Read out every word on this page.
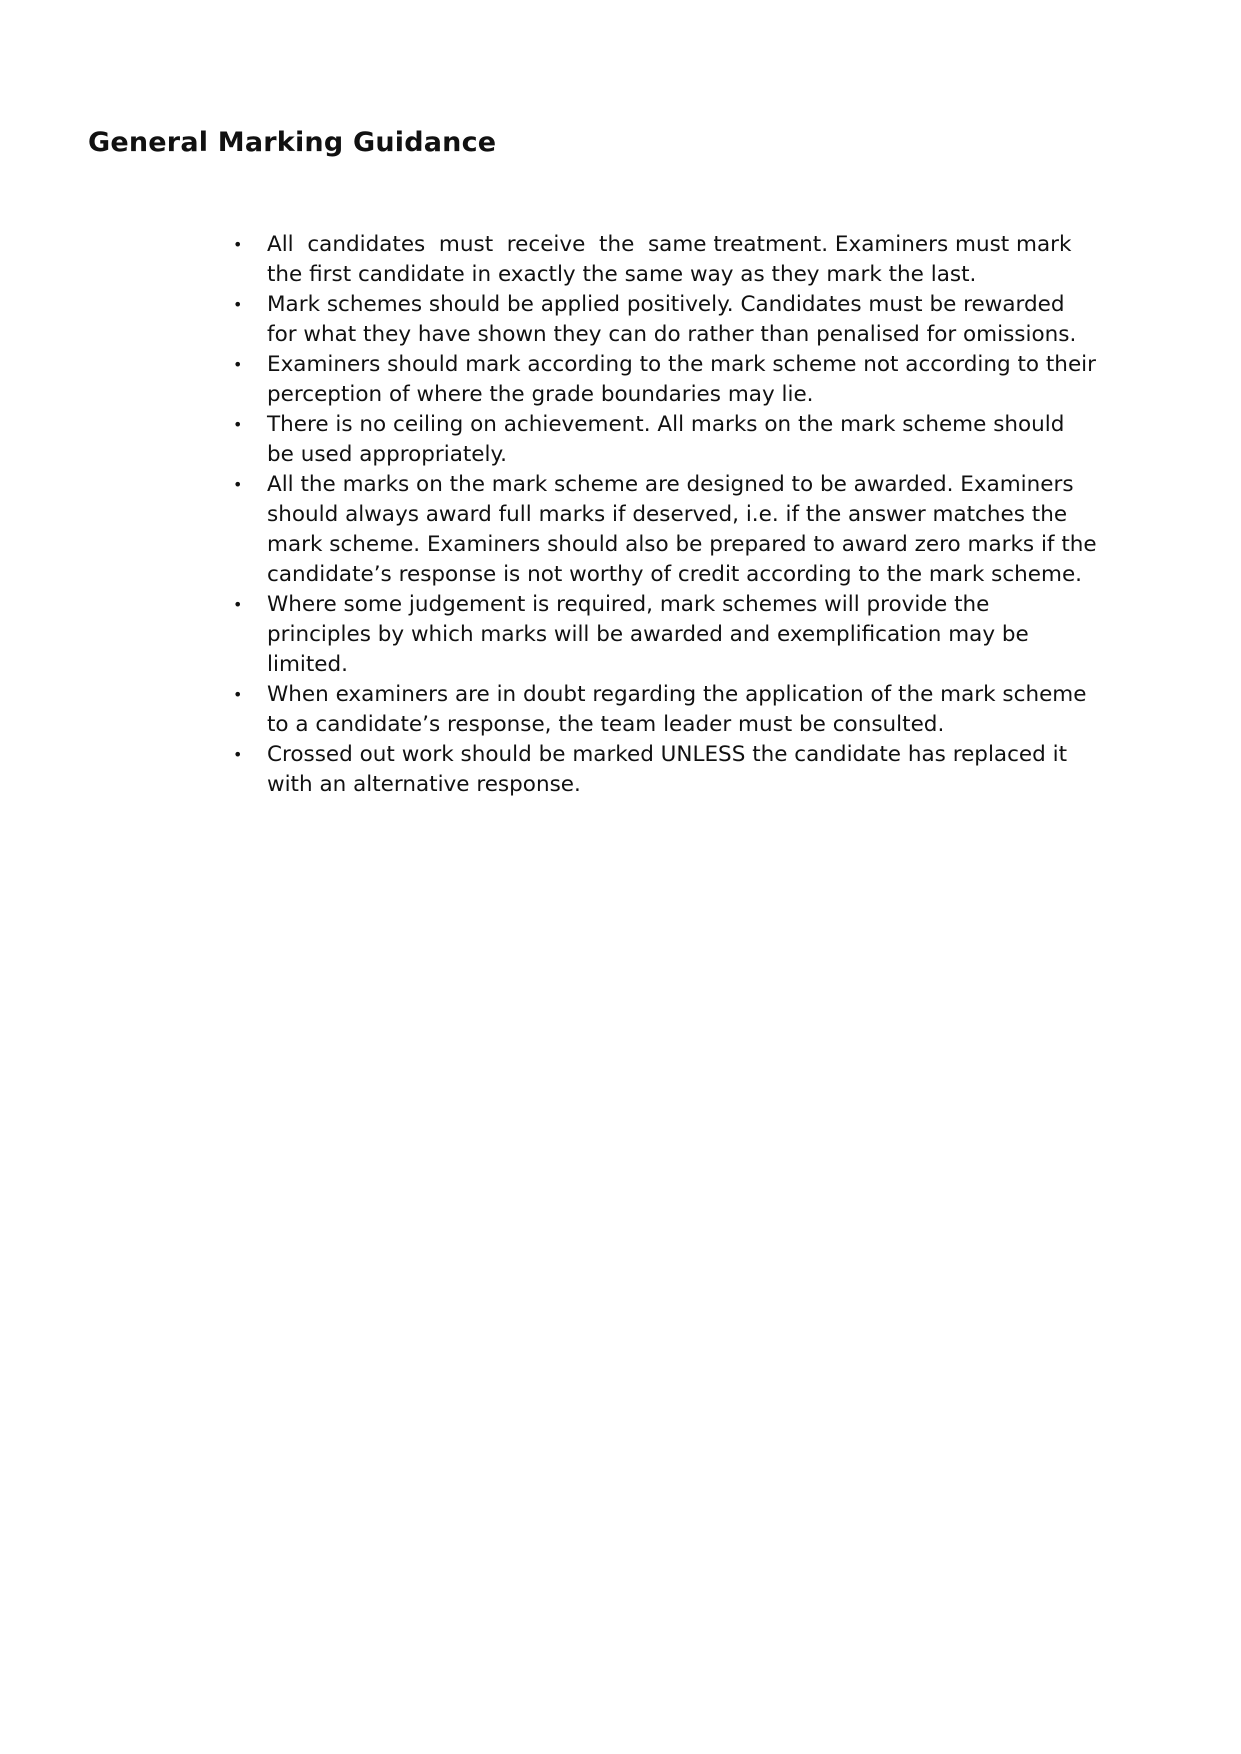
General Marking Guidance
• All  candidates  must  receive  the  same treatment. Examiners must mark the first candidate in exactly the same way as they mark the last.
• Mark schemes should be applied positively. Candidates must be rewarded for what they have shown they can do rather than penalised for omissions.
• Examiners should mark according to the mark scheme not according to their perception of where the grade boundaries may lie.
• There is no ceiling on achievement. All marks on the mark scheme should be used appropriately.
• All the marks on the mark scheme are designed to be awarded. Examiners should always award full marks if deserved, i.e. if the answer matches the mark scheme. Examiners should also be prepared to award zero marks if the candidate’s response is not worthy of credit according to the mark scheme.
• Where some judgement is required, mark schemes will provide the principles by which marks will be awarded and exemplification may be limited.
• When examiners are in doubt regarding the application of the mark scheme to a candidate’s response, the team leader must be consulted.
• Crossed out work should be marked UNLESS the candidate has replaced it with an alternative response.
